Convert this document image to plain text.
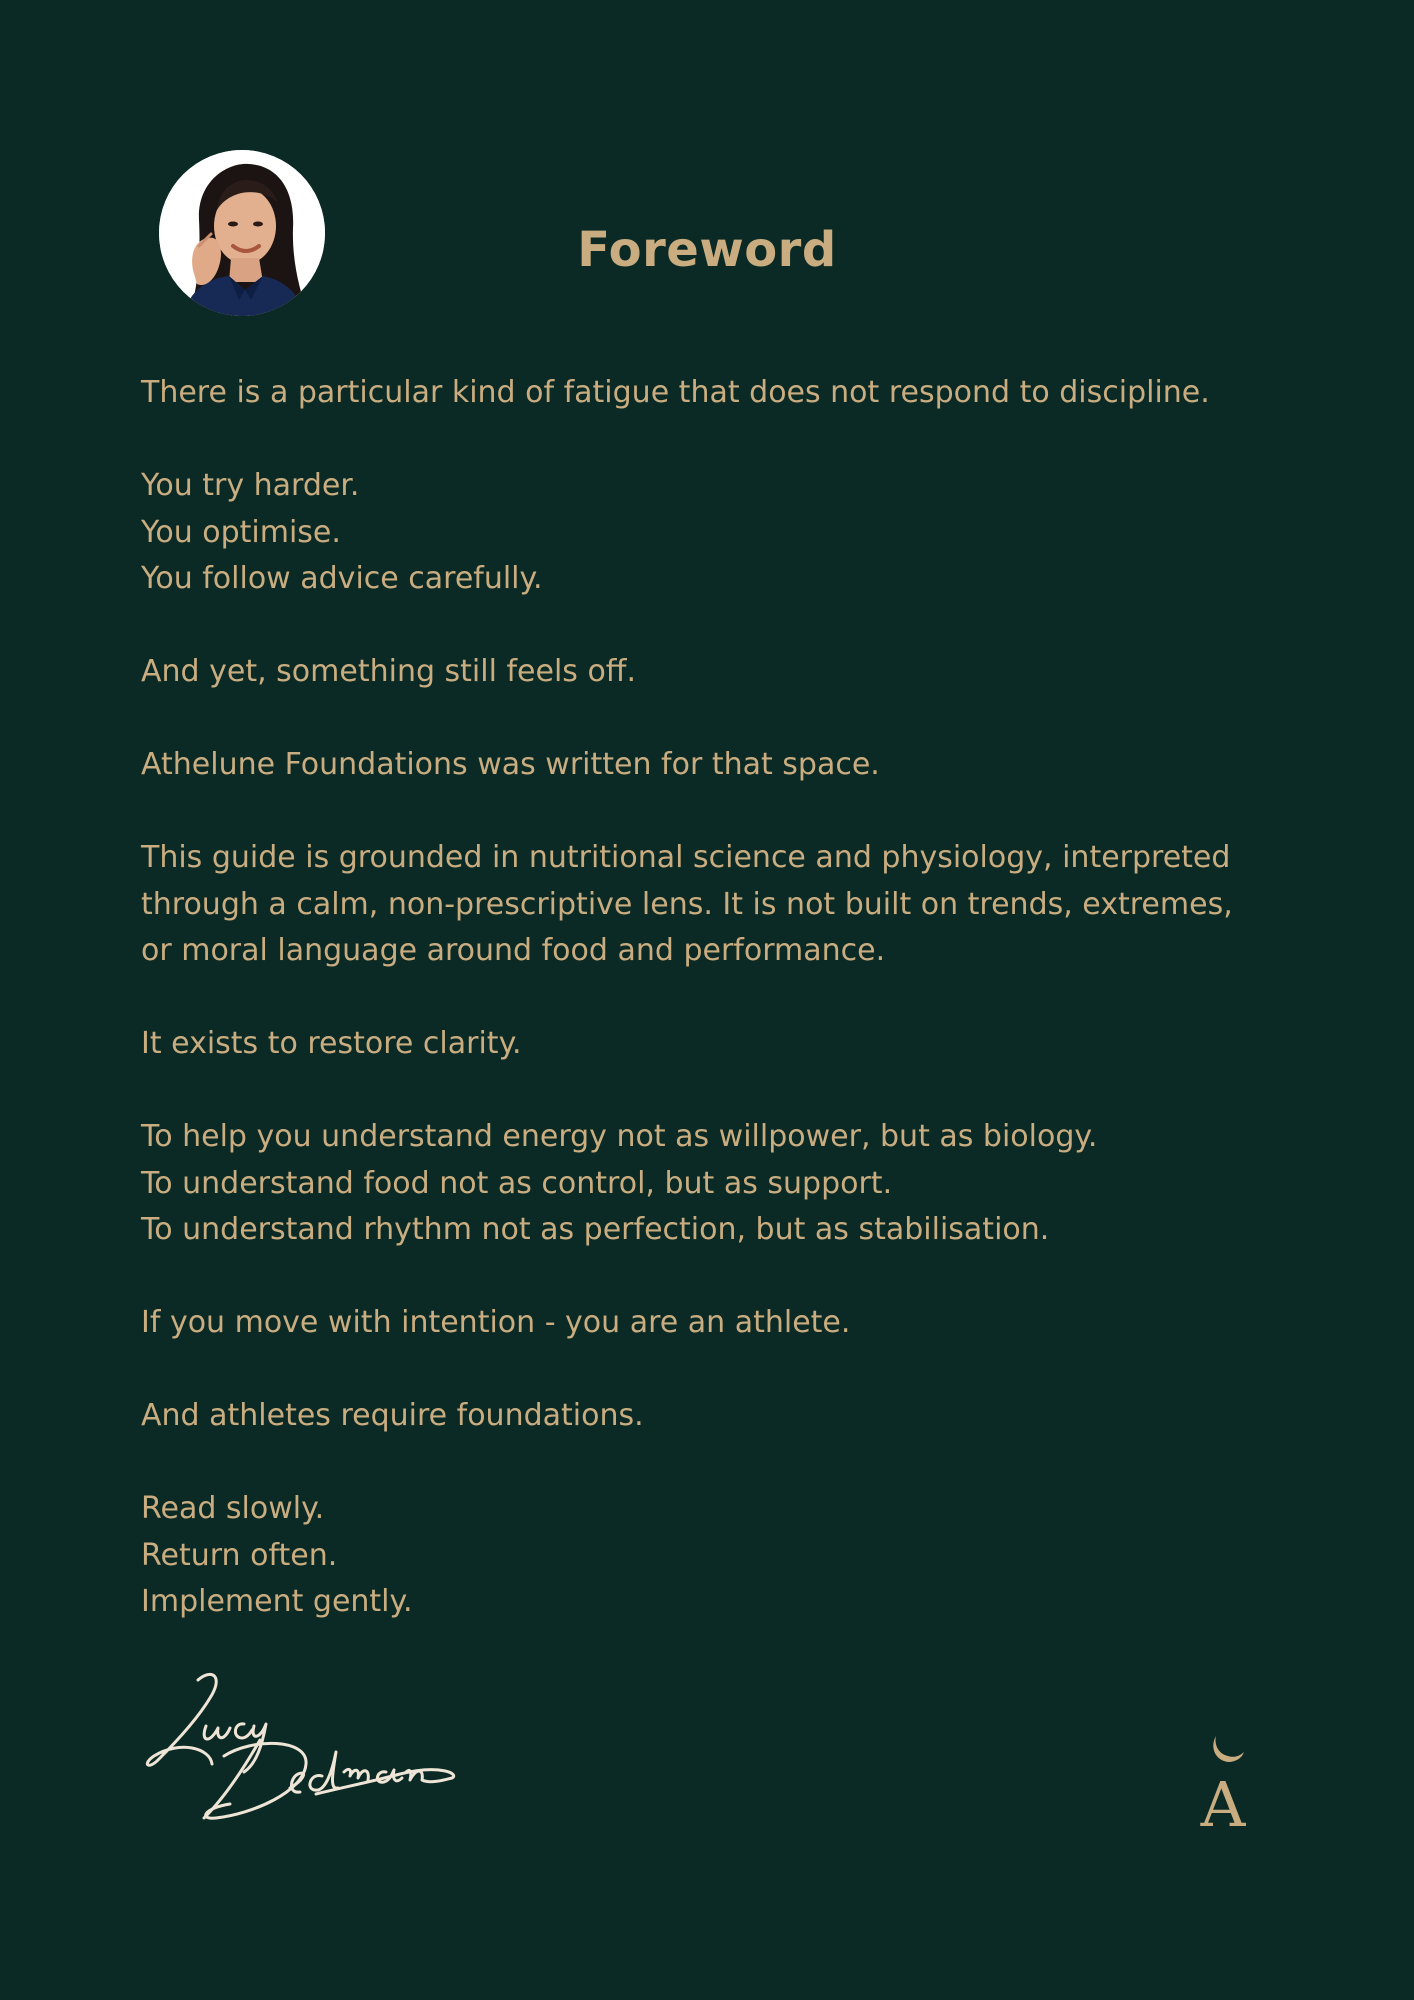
Foreword
There is a particular kind of fatigue that does not respond to discipline.
You try harder.
You optimise.
You follow advice carefully.
And yet, something still feels off.
Athelune Foundations was written for that space.
This guide is grounded in nutritional science and physiology, interpreted
through a calm, non-prescriptive lens. It is not built on trends, extremes,
or moral language around food and performance.
It exists to restore clarity.
To help you understand energy not as willpower, but as biology.
To understand food not as control, but as support.
To understand rhythm not as perfection, but as stabilisation.
If you move with intention - you are an athlete.
And athletes require foundations.
Read slowly.
Return often.
Implement gently.
A
